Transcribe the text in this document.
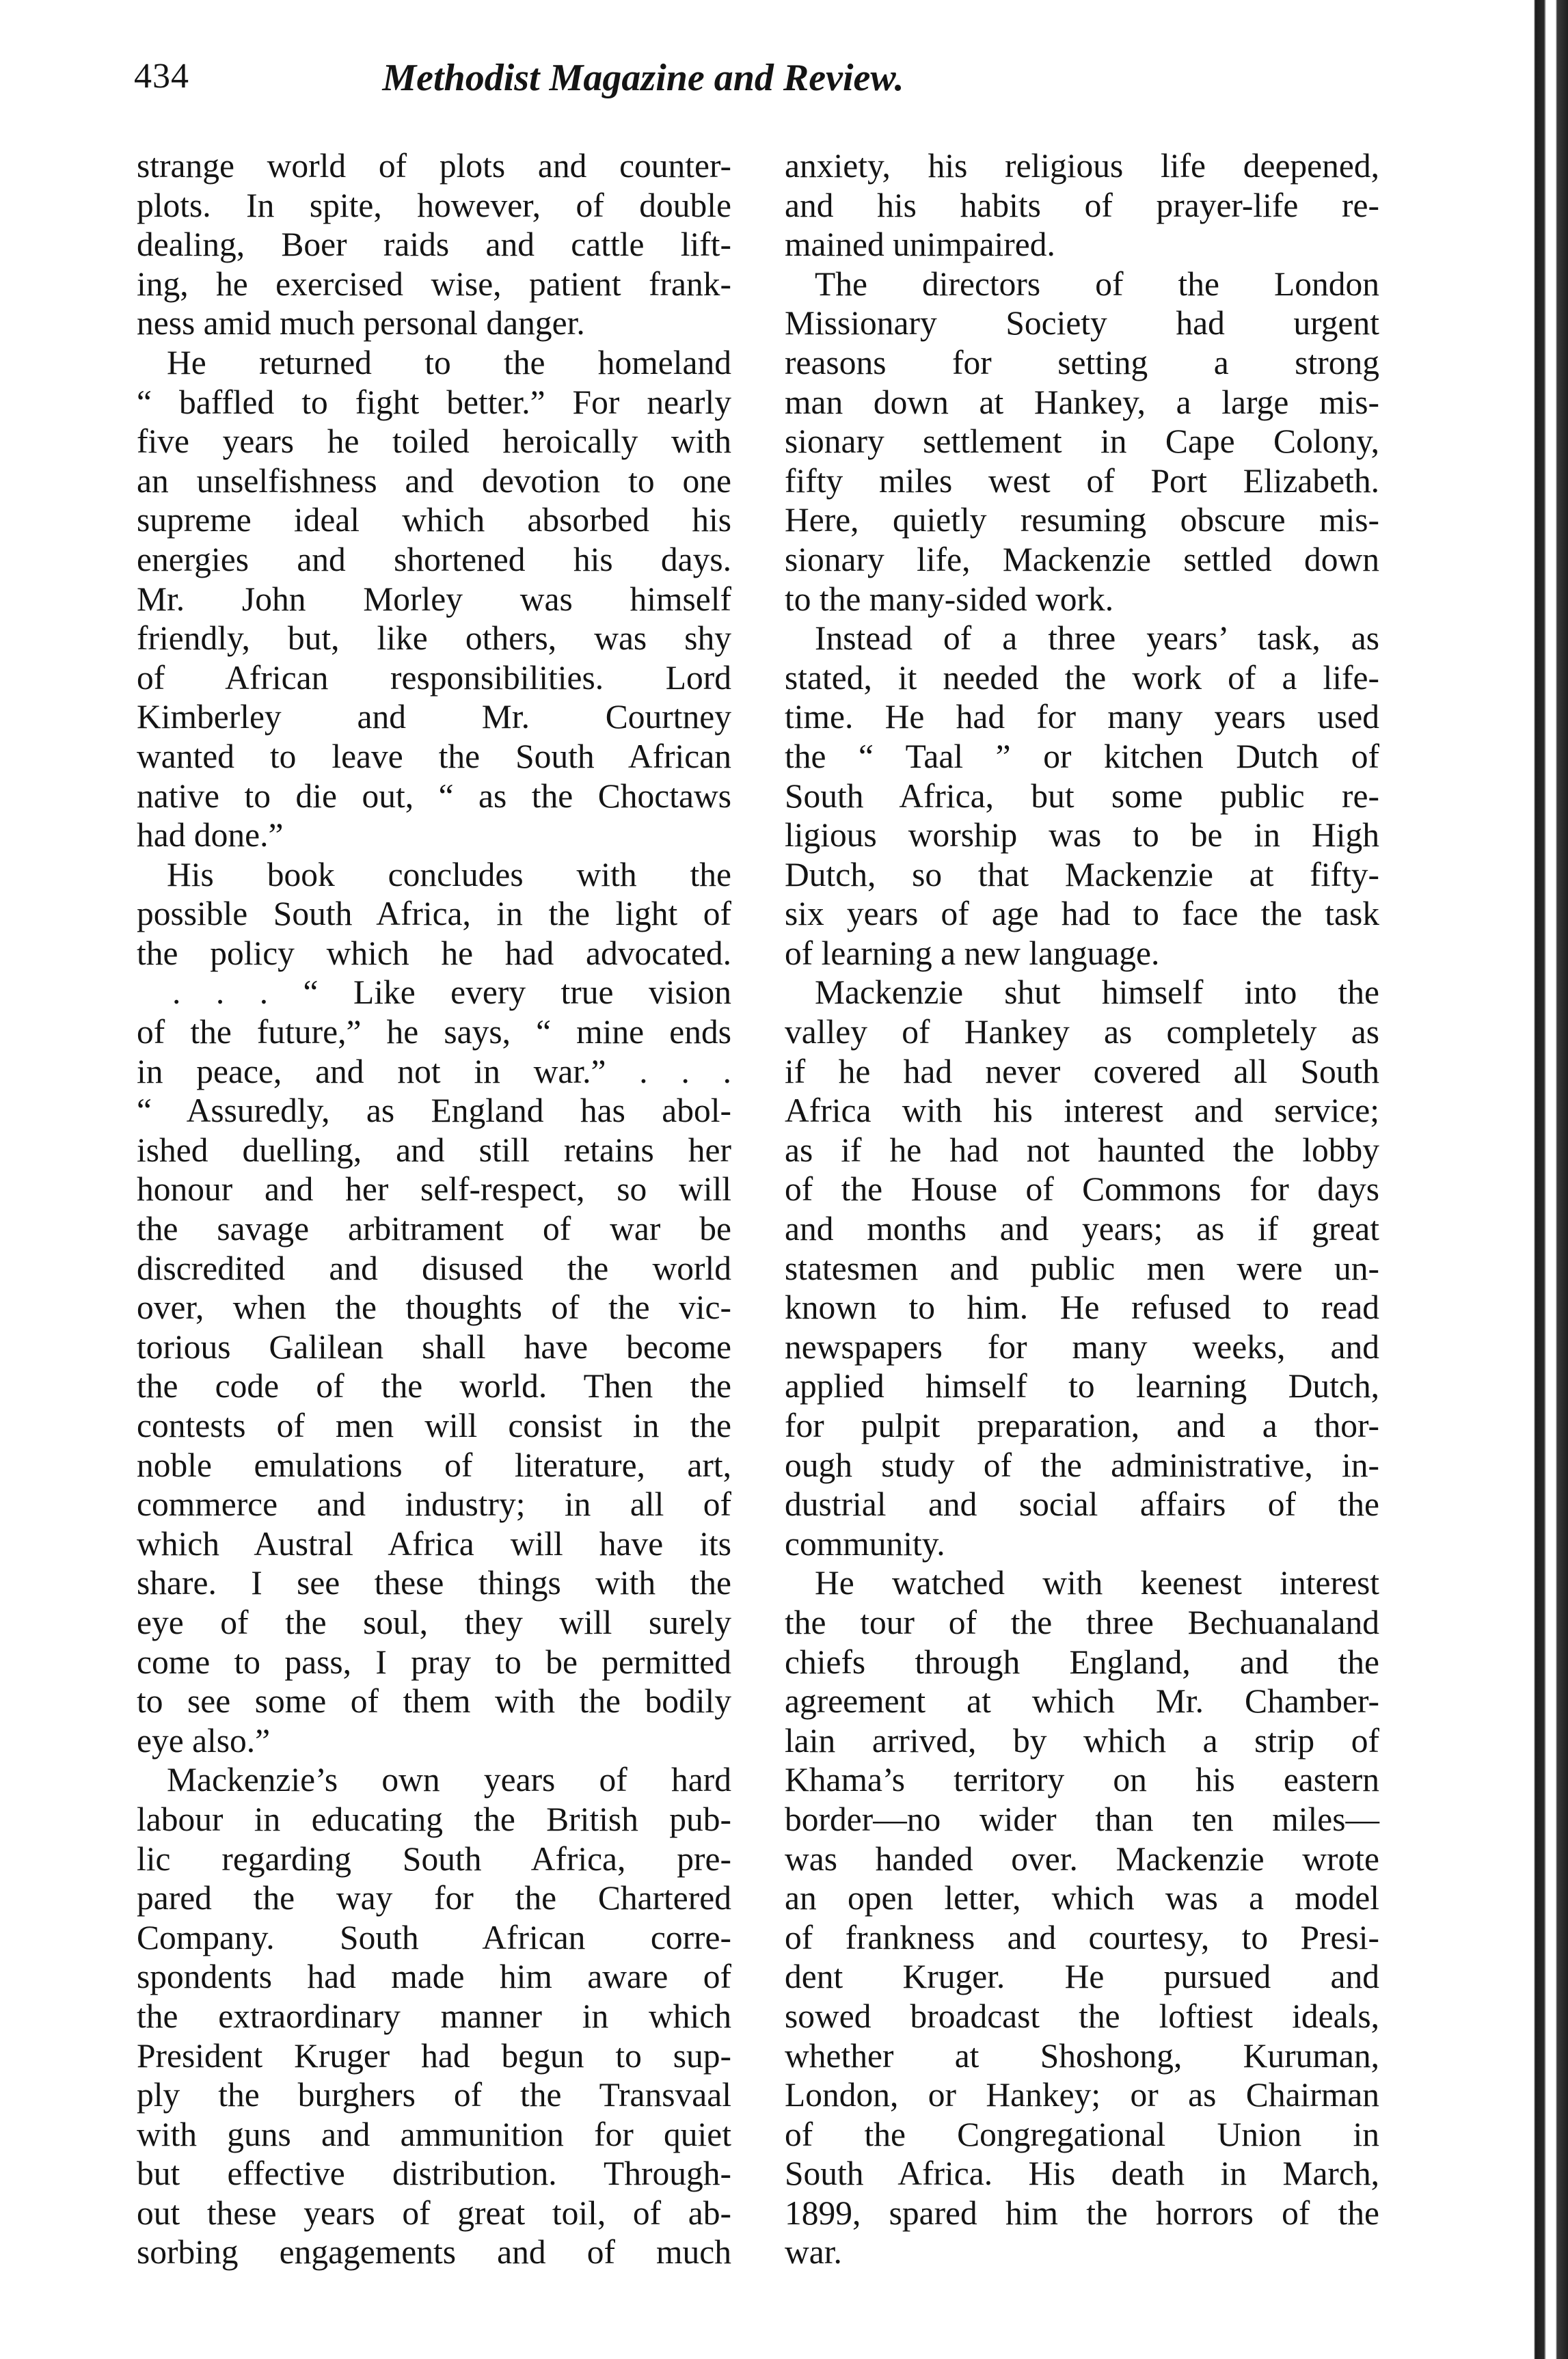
434	Methodist Magazine and Review.
strange world of plots and counter-
plots. In spite, however, of double
dealing, Boer raids and cattle lift-
ing, he exercised wise, patient frank-
ness amid much personal danger.
He returned to the homeland
“ baffled to fight better.” For nearly
five years he toiled heroically with
an unselfishness and devotion to one
supreme ideal which absorbed his
energies and shortened his days.
Mr. John Morley was himself
friendly, but, like others, was shy
of African responsibilities. Lord
Kimberley and Mr. Courtney
wanted to leave the South African
native to die out, “ as the Choctaws
had done.”
His book concludes with the
possible South Africa, in the light of
the policy which he had advocated.
. . . “ Like every true vision
of the future,” he says, “ mine ends
in peace, and not in war.” . . .
“ Assuredly, as England has abol-
ished duelling, and still retains her
honour and her self-respect, so will
the savage arbitrament of war be
discredited and disused the world
over, when the thoughts of the vic-
torious Galilean shall have become
the code of the world. Then the
contests of men will consist in the
noble emulations of literature, art,
commerce and industry; in all of
which Austral Africa will have its
share. I see these things with the
eye of the soul, they will surely
come to pass, I pray to be permitted
to see some of them with the bodily
eye also.”
Mackenzie’s own years of hard
labour in educating the British pub-
lic regarding South Africa, pre-
pared the way for the Chartered
Company. South African corre-
spondents had made him aware of
the extraordinary manner in which
President Kruger had begun to sup-
ply the burghers of the Transvaal
with guns and ammunition for quiet
but effective distribution. Through-
out these years of great toil, of ab-
sorbing engagements and of much
anxiety, his religious life deepened,
and his habits of prayer-life re-
mained unimpaired.
The directors of the London
Missionary Society had urgent
reasons for setting a strong
man down at Hankey, a large mis-
sionary settlement in Cape Colony,
fifty miles west of Port Elizabeth.
Here, quietly resuming obscure mis-
sionary life, Mackenzie settled down
to the many-sided work.
Instead of a three years’ task, as
stated, it needed the work of a life-
time. He had for many years used
the “ Taal ” or kitchen Dutch of
South Africa, but some public re-
ligious worship was to be in High
Dutch, so that Mackenzie at fifty-
six years of age had to face the task
of learning a new language.
Mackenzie shut himself into the
valley of Hankey as completely as
if he had never covered all South
Africa with his interest and service;
as if he had not haunted the lobby
of the House of Commons for days
and months and years; as if great
statesmen and public men were un-
known to him. He refused to read
newspapers for many weeks, and
applied himself to learning Dutch,
for pulpit preparation, and a thor-
ough study of the administrative, in-
dustrial and social affairs of the
community.
He watched with keenest interest
the tour of the three Bechuanaland
chiefs through England, and the
agreement at which Mr. Chamber-
lain arrived, by which a strip of
Khama’s territory on his eastern
border—no wider than ten miles—
was handed over. Mackenzie wrote
an open letter, which was a model
of frankness and courtesy, to Presi-
dent Kruger. He pursued and
sowed broadcast the loftiest ideals,
whether at Shoshong, Kuruman,
London, or Hankey; or as Chairman
of the Congregational Union in
South Africa. His death in March,
1899, spared him the horrors of the
war.
